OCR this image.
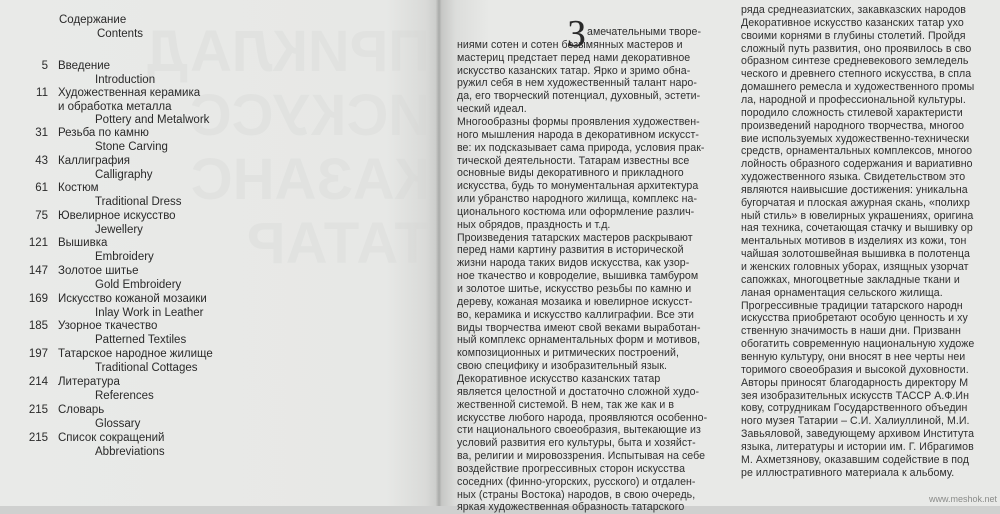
ПРИКЛАД
ИСКУСС
КАЗАНС
ТАТАР
Содержание
Contents
5 Введение
Introduction
11 Художественная керамика
и обработка металла
Pottery and Metalwork
31 Резьба по камню
Stone Carving
43 Каллиграфия
Calligraphy
61 Костюм
Traditional Dress
75 Ювелирное искусство
Jewellery
121 Вышивка
Embroidery
147 Золотое шитье
Gold Embroidery
169 Искусство кожаной мозаики
Inlay Work in Leather
185 Узорное ткачество
Patterned Textiles
197 Татарское народное жилище
Traditional Cottages
214 Литература
References
215 Словарь
Glossary
215 Список сокращений
Abbreviations
З амечательными творе-
ниями сотен и сотен безымянных мастеров и
мастериц предстает перед нами декоративное
искусство казанских татар. Ярко и зримо обна-
ружил себя в нем художественный талант наро-
да, его творческий потенциал, духовный, эстети-
ческий идеал.
Многообразны формы проявления художествен-
ного мышления народа в декоративном искусст-
ве: их подсказывает сама природа, условия прак-
тической деятельности. Татарам известны все
основные виды декоративного и прикладного
искусства, будь то монументальная архитектура
или убранство народного жилища, комплекс на-
ционального костюма или оформление различ-
ных обрядов, праздность и т.д.
Произведения татарских мастеров раскрывают
перед нами картину развития в исторической
жизни народа таких видов искусства, как узор-
ное ткачество и ковроделие, вышивка тамбуром
и золотое шитье, искусство резьбы по камню и
дереву, кожаная мозаика и ювелирное искусст-
во, керамика и искусство каллиграфии. Все эти
виды творчества имеют свой веками выработан-
ный комплекс орнаментальных форм и мотивов,
композиционных и ритмических построений,
свою специфику и изобразительный язык.
Декоративное искусство казанских татар
является целостной и достаточно сложной худо-
жественной системой. В нем, так же как и в
искусстве любого народа, проявляются особенно-
сти национального своеобразия, вытекающие из
условий развития его культуры, быта и хозяйст-
ва, религии и мировоззрения. Испытывая на себе
воздействие прогрессивных сторон искусства
соседних (финно-угорских, русского) и отдален-
ных (страны Востока) народов, в свою очередь,
яркая художественная образность татарского
ряда среднеазиатских, закавказских народов
Декоративное искусство казанских татар ухо
своими корнями в глубины столетий. Пройдя
сложный путь развития, оно проявилось в сво
образном синтезе средневекового земледель
ческого и древнего степного искусства, в спла
домашнего ремесла и художественного промы
ла, народной и профессиональной культуры.
породило сложность стилевой характеристи
произведений народного творчества, многоо
вие используемых художественно-технически
средств, орнаментальных комплексов, многоо
лойность образного содержания и вариативно
художественного языка. Свидетельством это
являются наивысшие достижения: уникальна
бугорчатая и плоская ажурная скань, «полихр
ный стиль» в ювелирных украшениях, оригина
ная техника, сочетающая стачку и вышивку ор
ментальных мотивов в изделиях из кожи, тон
чайшая золотошвейная вышивка в полотенца
и женских головных уборах, изящных узорчат
сапожках, многоцветные закладные ткани и
ланая орнаментация сельского жилища.
Прогрессивные традиции татарского народн
искусства приобретают особую ценность и ху
ственную значимость в наши дни. Призванн
обогатить современную национальную художе
венную культуру, они вносят в нее черты неи
торимого своеобразия и высокой духовности.
Авторы приносят благодарность директору М
зея изобразительных искусств ТАССР А.Ф.Ин
кову, сотрудникам Государственного объедин
ного музея Татарии – С.И. Халиуллиной, М.И.
Завьяловой, заведующему архивом Института
языка, литературы и истории им. Г. Ибрагимов
М. Ахметзянову, оказавшим содействие в под
ре иллюстративного материала к альбому.
www.meshok.net
